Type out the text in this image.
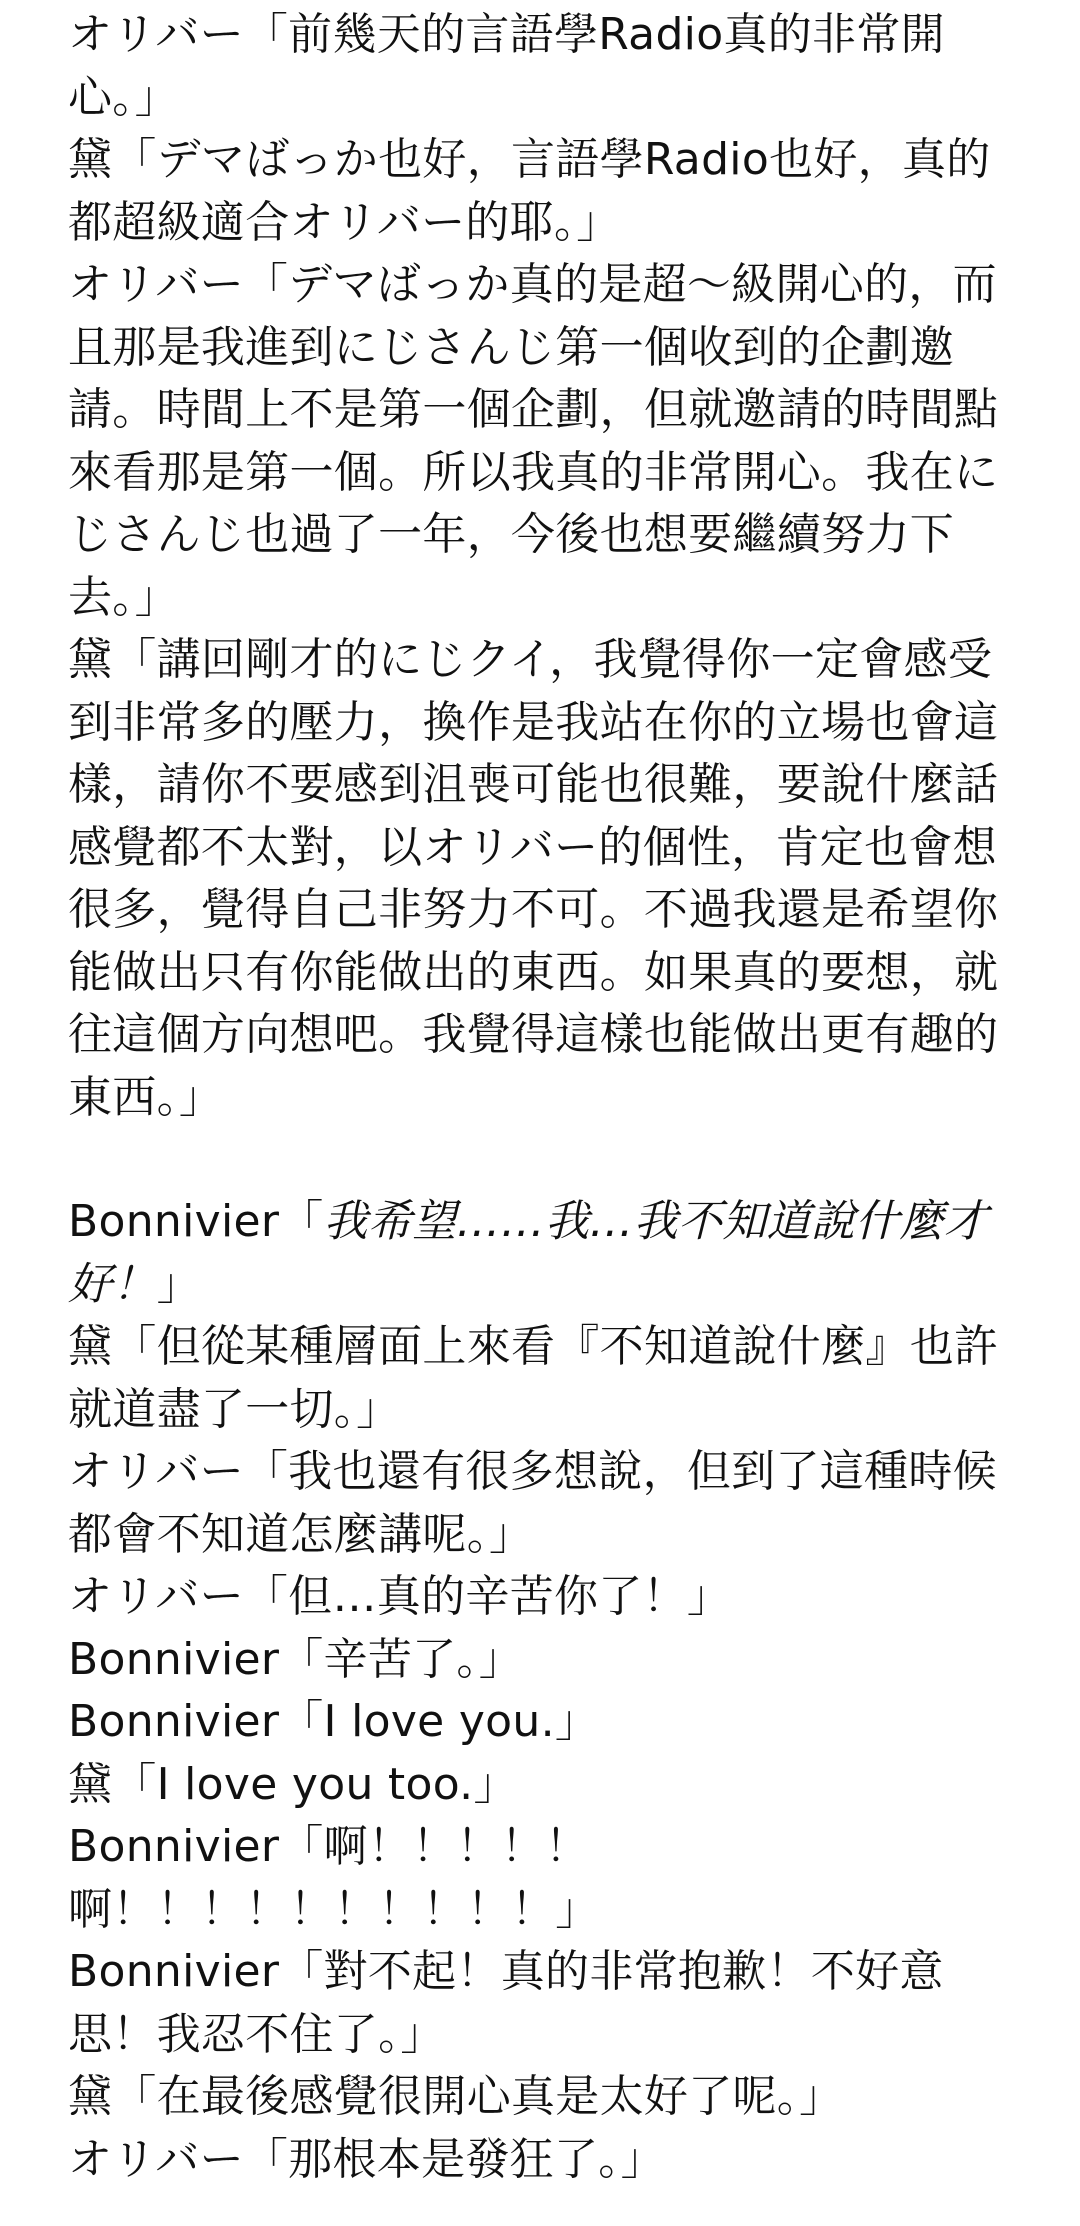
オリバー「前幾天的言語學Radio真的非常開心。」

黛「デマばっか也好，言語學Radio也好，真的都超級適合オリバー的耶。」

オリバー「デマばっか真的是超～級開心的，而且那是我進到にじさんじ第一個收到的企劃邀請。時間上不是第一個企劃，但就邀請的時間點來看那是第一個。所以我真的非常開心。我在にじさんじ也過了一年，今後也想要繼續努力下去。」

黛「講回剛才的にじクイ，我覺得你一定會感受到非常多的壓力，換作是我站在你的立場也會這樣，請你不要感到沮喪可能也很難，要說什麼話感覺都不太對，以オリバー的個性，肯定也會想很多，覺得自己非努力不可。不過我還是希望你能做出只有你能做出的東西。如果真的要想，就往這個方向想吧。我覺得這樣也能做出更有趣的東西。」

Bonnivier「我希望……我…我不知道說什麼才好！」

黛「但從某種層面上來看『不知道說什麼』也許就道盡了一切。」

オリバー「我也還有很多想說，但到了這種時候都會不知道怎麼講呢。」

オリバー「但…真的辛苦你了！」

Bonnivier「辛苦了。」

Bonnivier「I love you.」

黛「I love you too.」

Bonnivier「啊！！！！！

啊！！！！！！！！！！」

Bonnivier「對不起！真的非常抱歉！不好意思！我忍不住了。」

黛「在最後感覺很開心真是太好了呢。」

オリバー「那根本是發狂了。」
